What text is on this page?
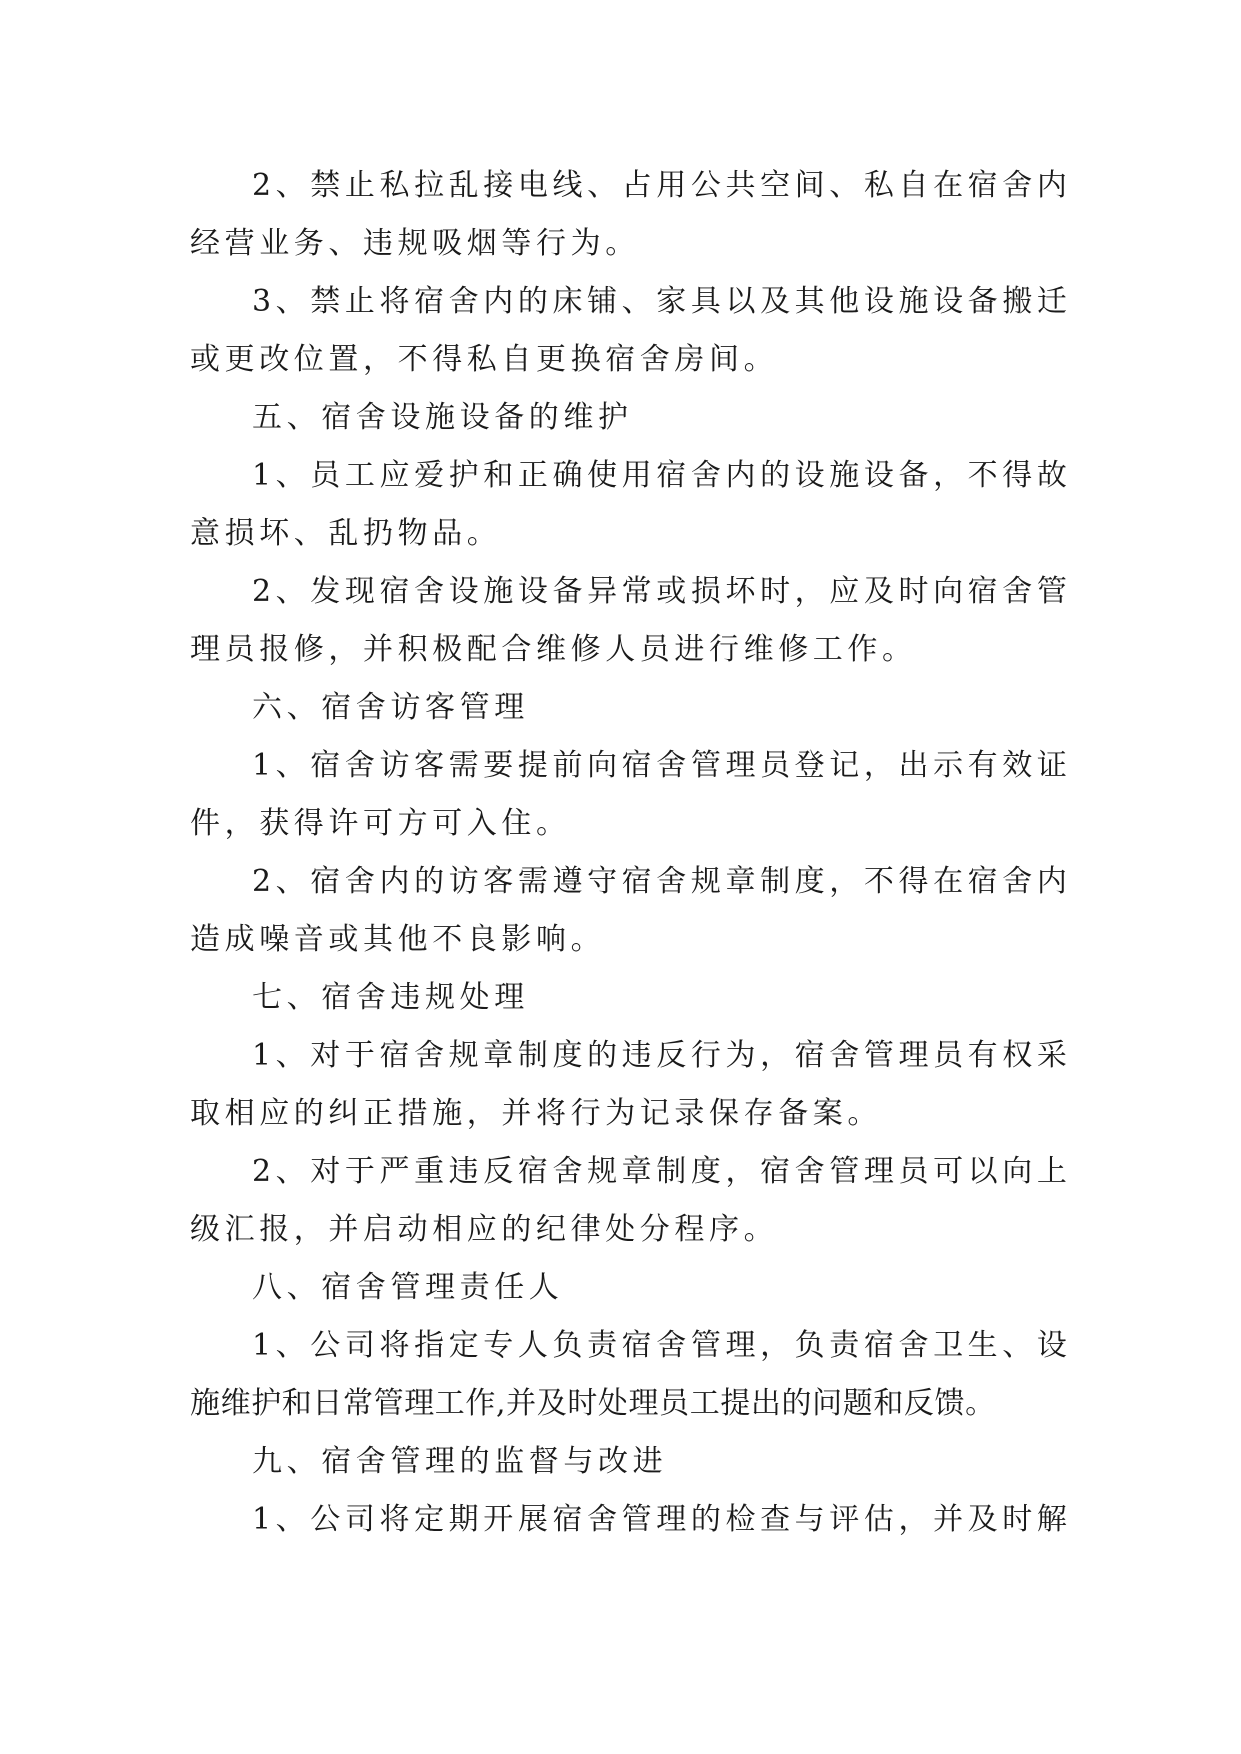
2、禁止私拉乱接电线、占用公共空间、私自在宿舍内
经营业务、违规吸烟等行为。
3、禁止将宿舍内的床铺、家具以及其他设施设备搬迁
或更改位置，不得私自更换宿舍房间。
五、宿舍设施设备的维护
1、员工应爱护和正确使用宿舍内的设施设备，不得故
意损坏、乱扔物品。
2、发现宿舍设施设备异常或损坏时，应及时向宿舍管
理员报修，并积极配合维修人员进行维修工作。
六、宿舍访客管理
1、宿舍访客需要提前向宿舍管理员登记，出示有效证
件，获得许可方可入住。
2、宿舍内的访客需遵守宿舍规章制度，不得在宿舍内
造成噪音或其他不良影响。
七、宿舍违规处理
1、对于宿舍规章制度的违反行为，宿舍管理员有权采
取相应的纠正措施，并将行为记录保存备案。
2、对于严重违反宿舍规章制度，宿舍管理员可以向上
级汇报，并启动相应的纪律处分程序。
八、宿舍管理责任人
1、公司将指定专人负责宿舍管理，负责宿舍卫生、设
施维护和日常管理工作,并及时处理员工提出的问题和反馈。
九、宿舍管理的监督与改进
1、公司将定期开展宿舍管理的检查与评估，并及时解
